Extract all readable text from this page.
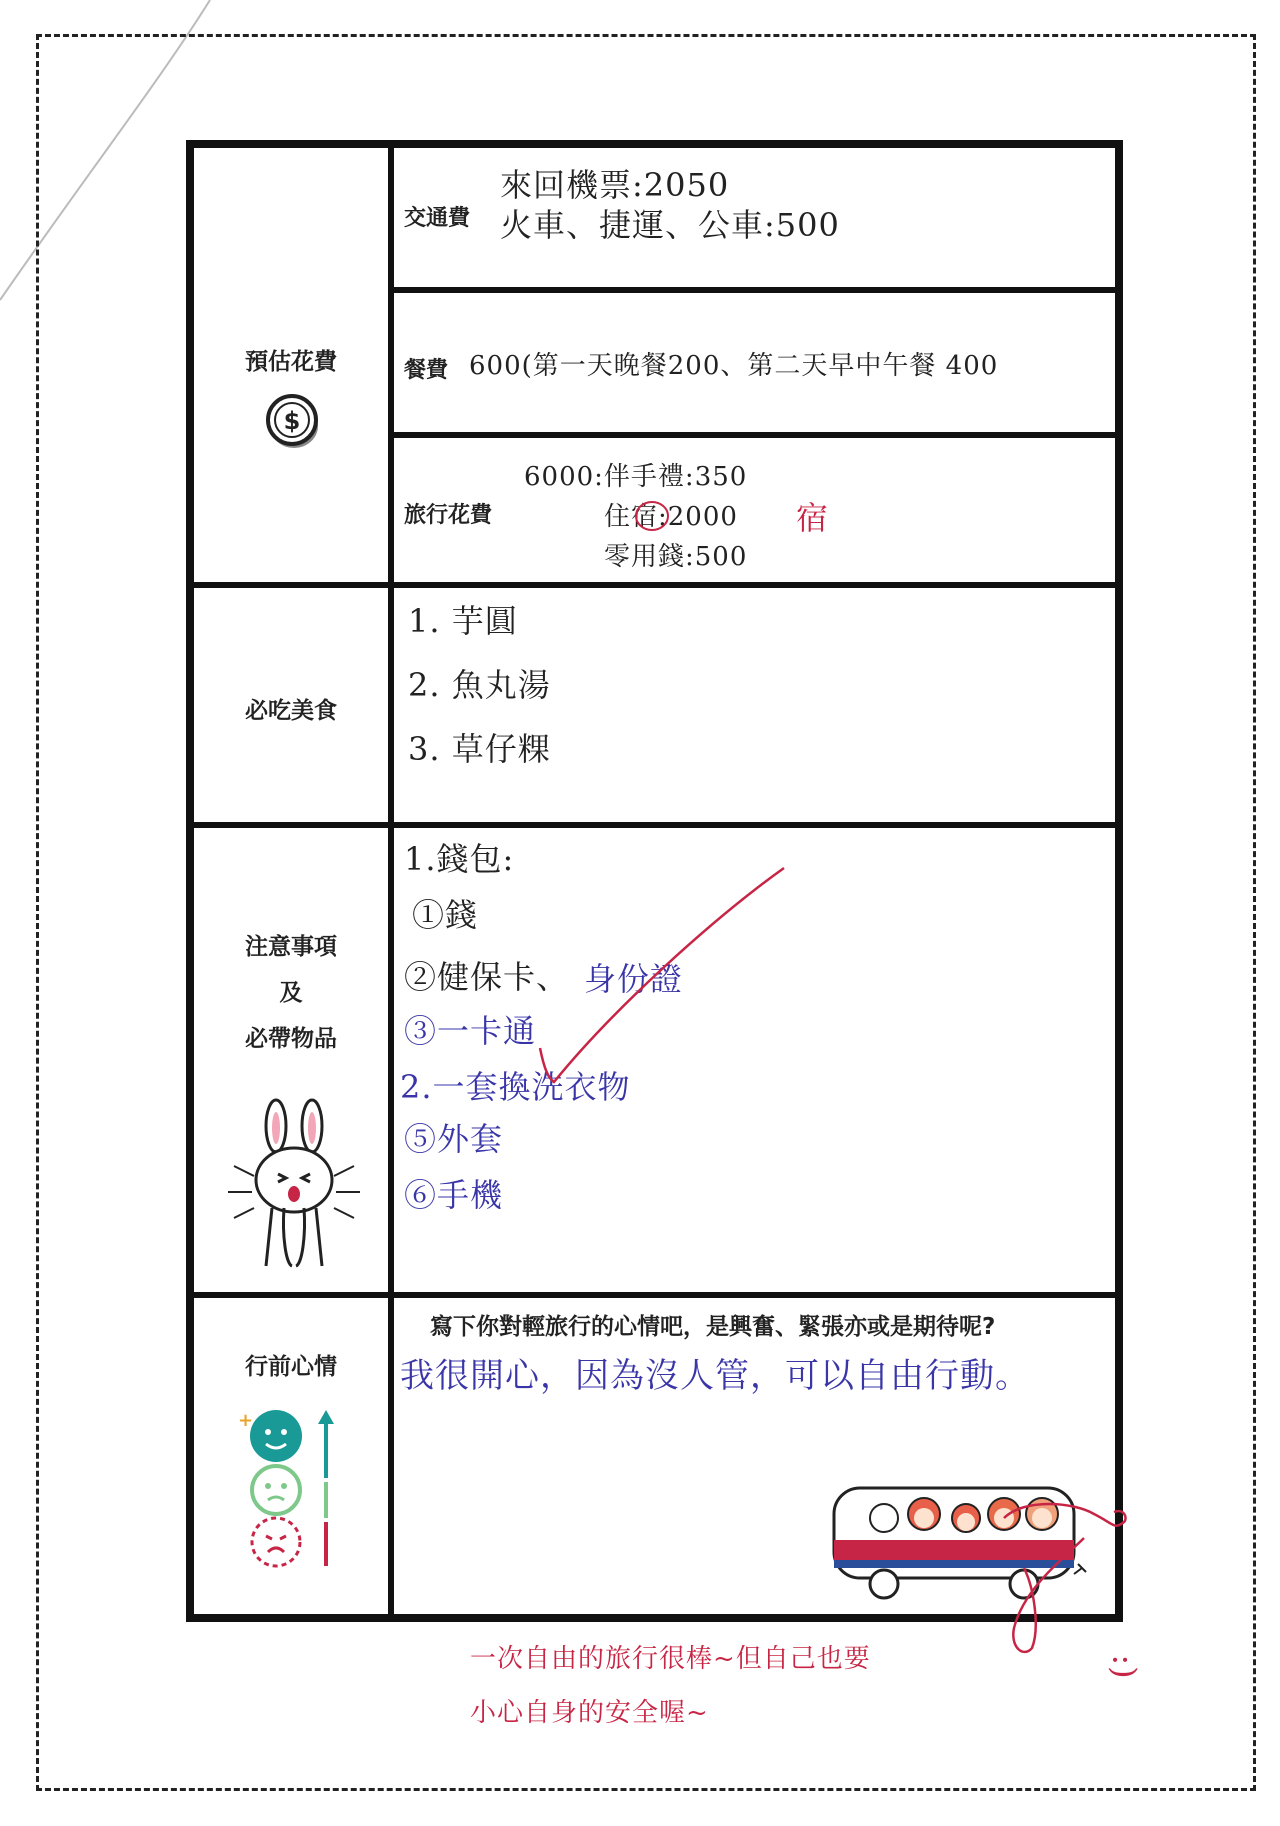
預估花費
$
交通費
來回機票:2050
火車、捷運、公車:500
餐費 600(第一天晚餐200、第二天早中午餐 400
旅行花費
6000:伴手禮:350
住宿:2000 宿
零用錢:500
必吃美食
1. 芋圓
2. 魚丸湯
3. 草仔粿
注意事項
及
必帶物品
1.錢包:
①錢
②健保卡、 身份證
③一卡通
2.一套換洗衣物
⑤外套
⑥手機
行前心情
+
寫下你對輕旅行的心情吧，是興奮、緊張亦或是期待呢?
我很開心，因為沒人管，可以自由行動。
一次自由的旅行很棒~但自己也要
小心自身的安全喔~
:)
